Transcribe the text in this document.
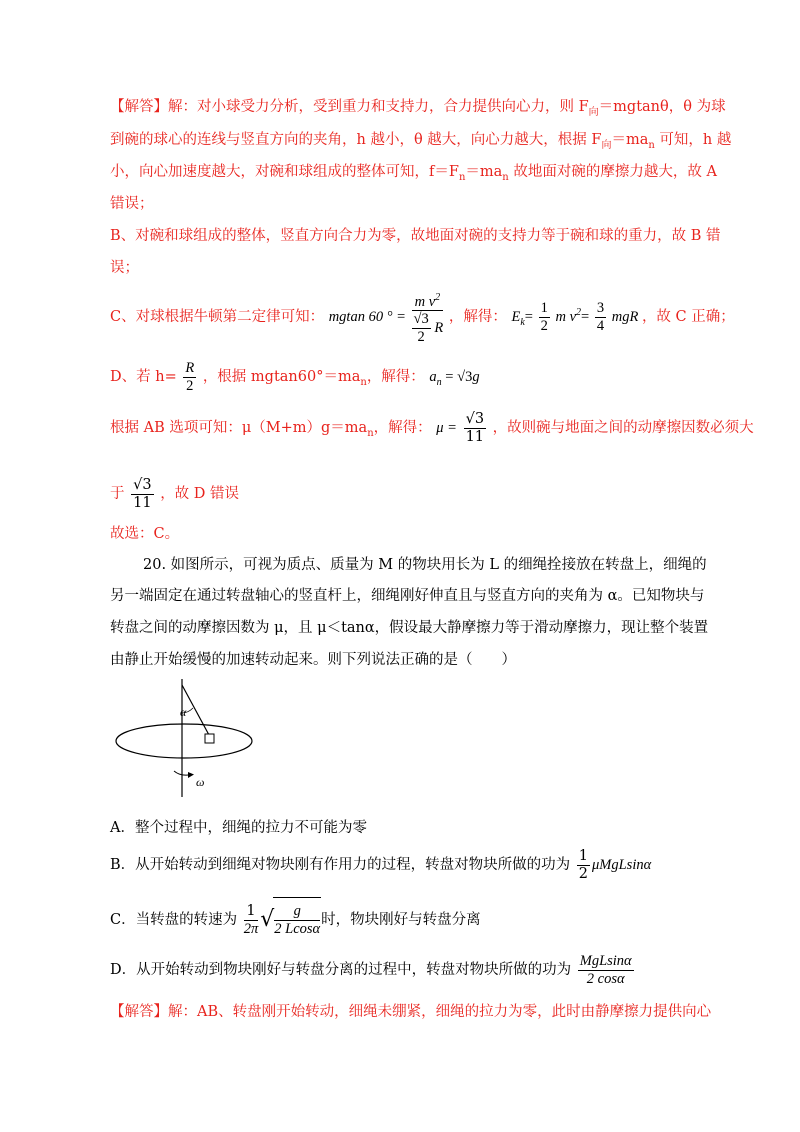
【解答】解：对小球受力分析，受到重力和支持力，合力提供向心力，则 $F_向=mgtan\theta$，θ 为球
到碗的球心的连线与竖直方向的夹角，h 越小，θ 越大，向心力越大，根据 $F_向=ma_n$ 可知，h 越
小，向心加速度越大，对碗和球组成的整体可知，$f=F_n=ma_n$ 故地面对碗的摩擦力越大，故 A
错误；
B、对碗和球组成的整体，竖直方向合力为零，故地面对碗的支持力等于碗和球的重力，故 B 错
误；
C、对球根据牛顿第二定律可知： mgtan 60 ° = $\frac{m v^2}{\frac{√3}{2} R}$ ，解得： $E_k= \frac{1}{2}$ m $v^2= \frac{3}{4}$ mgR ，故 C 正确；
D、若 $h= \frac{R}{2}$ ，根据 $mgtan60^\circ=ma_n$，解得： $a_n = √3g$
根据 AB 选项可知：$\mu(M+m)g=ma_n$，解得： $\mu = \frac{√3}{11}$ ，故则碗与地面之间的动摩擦因数必须大
于 $\frac{√3}{11}$ ，故 D 错误
故选：C。
20. 如图所示，可视为质点、质量为 M 的物块用长为 L 的细绳拴接放在转盘上，细绳的
另一端固定在通过转盘轴心的竖直杆上，细绳刚好伸直且与竖直方向的夹角为 α。已知物块与
转盘之间的动摩擦因数为 μ，且 μ＜tanα，假设最大静摩擦力等于滑动摩擦力，现让整个装置
由静止开始缓慢的加速转动起来。则下列说法正确的是（　　）
α
ω
A．整个过程中，细绳的拉力不可能为零
B．从开始转动到细绳对物块刚有作用力的过程，转盘对物块所做的功为 $\frac{1}{2}$ μMgLsinα
C．当转盘的转速为 $\frac{1}{2\pi}$ √ $\frac{g}{2 Lcos\alpha}$ 时，物块刚好与转盘分离
D．从开始转动到物块刚好与转盘分离的过程中，转盘对物块所做的功为 $\frac{\text{MgLsinα}}{2 \cos\alpha}$
【解答】解：AB、转盘刚开始转动，细绳未绷紧，细绳的拉力为零，此时由静摩擦力提供向心
